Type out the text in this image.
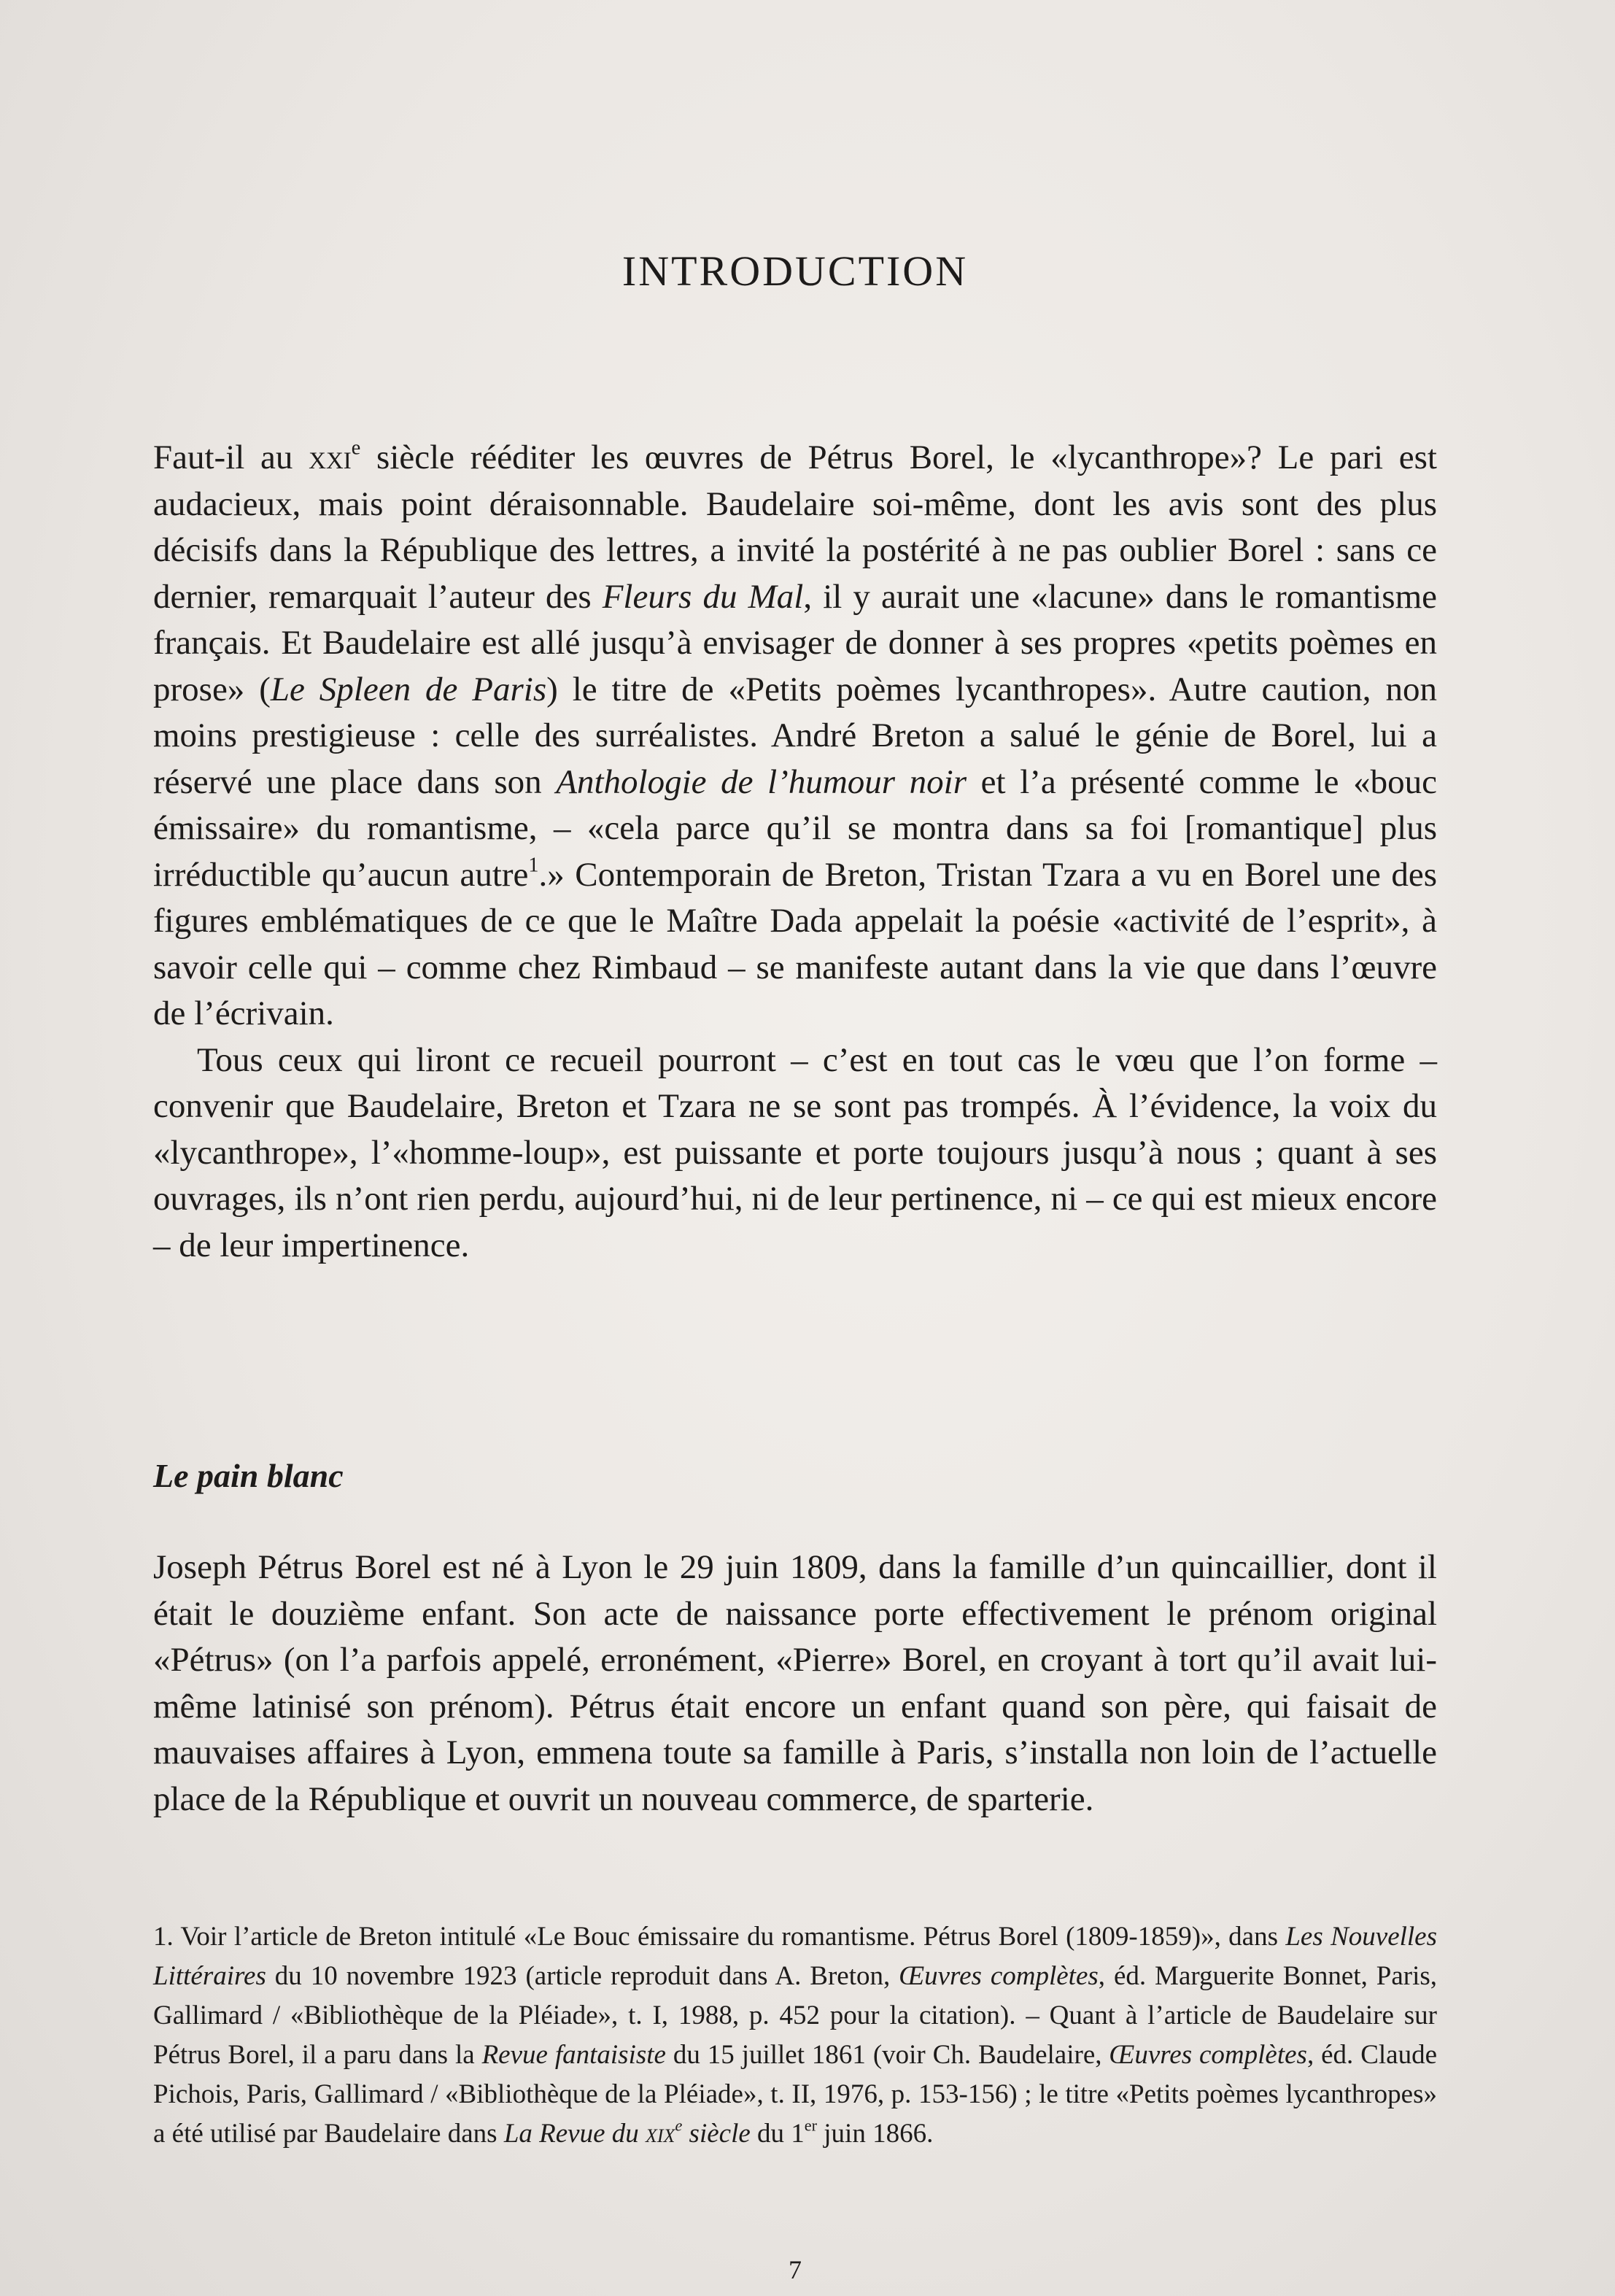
INTRODUCTION

Faut-il au xxi$^e$ siècle rééditer les œuvres de Pétrus Borel, le «lycanthrope»? Le pari est audacieux, mais point déraisonnable. Baudelaire soi-même, dont les avis sont des plus décisifs dans la République des lettres, a invité la postérité à ne pas oublier Borel : sans ce dernier, remarquait l’auteur des Fleurs du Mal, il y aurait une «lacune» dans le romantisme français. Et Baudelaire est allé jusqu’à envisager de donner à ses propres «petits poèmes en prose» (Le Spleen de Paris) le titre de «Petits poèmes lycanthropes». Autre caution, non moins prestigieuse : celle des surréalistes. André Breton a salué le génie de Borel, lui a réservé une place dans son Anthologie de l’humour noir et l’a présenté comme le «bouc émissaire» du romantisme, – «cela parce qu’il se montra dans sa foi [romantique] plus irréductible qu’aucun autre$^1$.» Contemporain de Breton, Tristan Tzara a vu en Borel une des figures emblématiques de ce que le Maître Dada appelait la poésie «activité de l’esprit», à savoir celle qui – comme chez Rimbaud – se manifeste autant dans la vie que dans l’œuvre de l’écrivain.

Tous ceux qui liront ce recueil pourront – c’est en tout cas le vœu que l’on forme – convenir que Baudelaire, Breton et Tzara ne se sont pas trompés. À l’évidence, la voix du «lycanthrope», l’«homme-loup», est puissante et porte toujours jusqu’à nous ; quant à ses ouvrages, ils n’ont rien perdu, aujourd’hui, ni de leur pertinence, ni – ce qui est mieux encore – de leur impertinence.

Le pain blanc

Joseph Pétrus Borel est né à Lyon le 29 juin 1809, dans la famille d’un quincaillier, dont il était le douzième enfant. Son acte de naissance porte effectivement le prénom original «Pétrus» (on l’a parfois appelé, erronément, «Pierre» Borel, en croyant à tort qu’il avait lui-même latinisé son prénom). Pétrus était encore un enfant quand son père, qui faisait de mauvaises affaires à Lyon, emmena toute sa famille à Paris, s’installa non loin de l’actuelle place de la République et ouvrit un nouveau commerce, de sparterie.

1. Voir l’article de Breton intitulé «Le Bouc émissaire du romantisme. Pétrus Borel (1809-1859)», dans Les Nouvelles Littéraires du 10 novembre 1923 (article reproduit dans A. Breton, Œuvres complètes, éd. Marguerite Bonnet, Paris, Gallimard / «Bibliothèque de la Pléiade», t. I, 1988, p. 452 pour la citation). – Quant à l’article de Baudelaire sur Pétrus Borel, il a paru dans la Revue fantaisiste du 15 juillet 1861 (voir Ch. Baudelaire, Œuvres complètes, éd. Claude Pichois, Paris, Gallimard / «Bibliothèque de la Pléiade», t. II, 1976, p. 153-156) ; le titre «Petits poèmes lycanthropes» a été utilisé par Baudelaire dans La Revue du xix$^e$ siècle du 1er juin 1866.
7
